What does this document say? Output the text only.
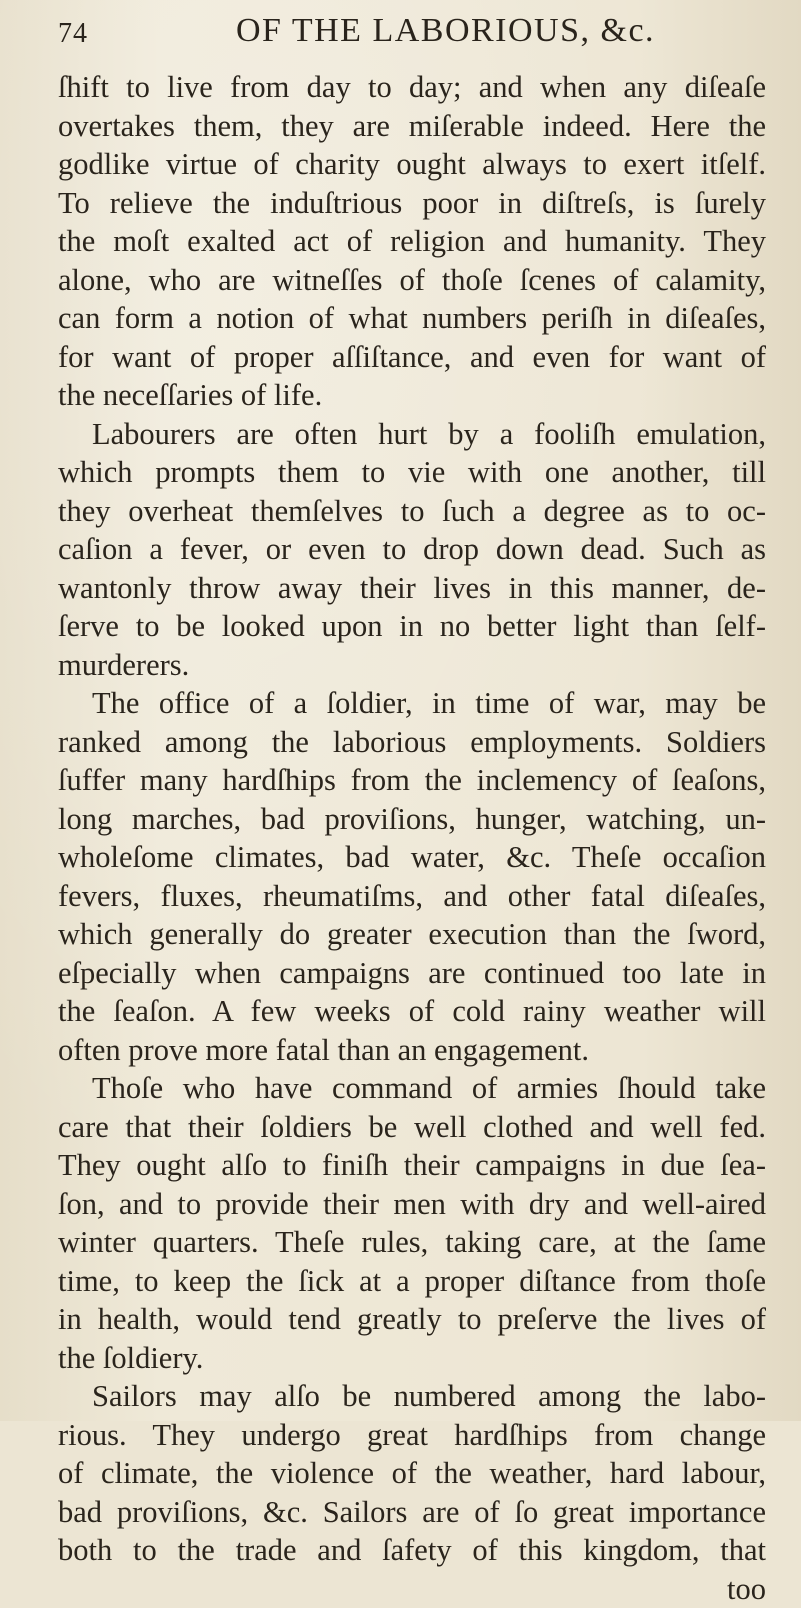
74	OF THE LABORIOUS, &c.
ſhift to live from day to day; and when any diſeaſe
overtakes them, they are miſerable indeed. Here the
godlike virtue of charity ought always to exert itſelf.
To relieve the induſtrious poor in diſtreſs, is ſurely
the moſt exalted act of religion and humanity. They
alone, who are witneſſes of thoſe ſcenes of calamity,
can form a notion of what numbers periſh in diſeaſes,
for want of proper aſſiſtance, and even for want of
the neceſſaries of life.
Labourers are often hurt by a fooliſh emulation,
which prompts them to vie with one another, till
they overheat themſelves to ſuch a degree as to oc-
caſion a fever, or even to drop down dead. Such as
wantonly throw away their lives in this manner, de-
ſerve to be looked upon in no better light than ſelf-
murderers.
The office of a ſoldier, in time of war, may be
ranked among the laborious employments. Soldiers
ſuffer many hardſhips from the inclemency of ſeaſons,
long marches, bad proviſions, hunger, watching, un-
wholeſome climates, bad water, &c. Theſe occaſion
fevers, fluxes, rheumatiſms, and other fatal diſeaſes,
which generally do greater execution than the ſword,
eſpecially when campaigns are continued too late in
the ſeaſon. A few weeks of cold rainy weather will
often prove more fatal than an engagement.
Thoſe who have command of armies ſhould take
care that their ſoldiers be well clothed and well fed.
They ought alſo to finiſh their campaigns in due ſea-
ſon, and to provide their men with dry and well-aired
winter quarters. Theſe rules, taking care, at the ſame
time, to keep the ſick at a proper diſtance from thoſe
in health, would tend greatly to preſerve the lives of
the ſoldiery.
Sailors may alſo be numbered among the labo-
rious. They undergo great hardſhips from change
of climate, the violence of the weather, hard labour,
bad proviſions, &c. Sailors are of ſo great importance
both to the trade and ſafety of this kingdom, that
too
